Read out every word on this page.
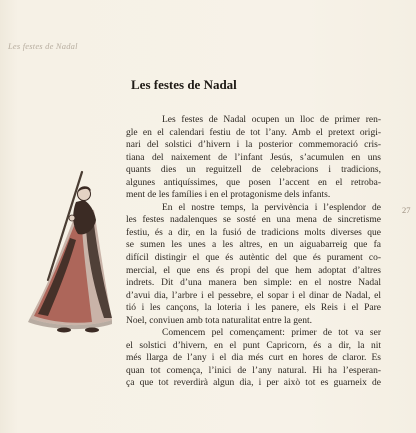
Les festes de Nadal
27
Les festes de Nadal
Les festes de Nadal ocupen un lloc de primer ren-
gle en el calendari festiu de tot l’any. Amb el pretext origi-
nari del solstici d’hivern i la posterior commemoració cris-
tiana del naixement de l’infant Jesús, s’acumulen en uns
quants dies un reguitzell de celebracions i tradicions,
algunes antiquíssimes, que posen l’accent en el retroba-
ment de les famílies i en el protagonisme dels infants.
En el nostre temps, la pervivència i l’esplendor de
les festes nadalenques se sosté en una mena de sincretisme
festiu, és a dir, en la fusió de tradicions molts diverses que
se sumen les unes a les altres, en un aiguabarreig que fa
difícil distingir el que és autèntic del que és purament co-
mercial, el que ens és propi del que hem adoptat d’altres
indrets. Dit d’una manera ben simple: en el nostre Nadal
d’avui dia, l’arbre i el pessebre, el sopar i el dinar de Nadal, el
tió i les cançons, la loteria i les panere, els Reis i el Pare
Noel, conviuen amb tota naturalitat entre la gent.
Comencem pel començament: primer de tot va ser
el solstici d’hivern, en el punt Capricorn, és a dir, la nit
més llarga de l’any i el dia més curt en hores de claror. Es
quan tot comença, l’inici de l’any natural. Hi ha l’esperan-
ça que tot reverdirà algun dia, i per això tot es guarneix de
